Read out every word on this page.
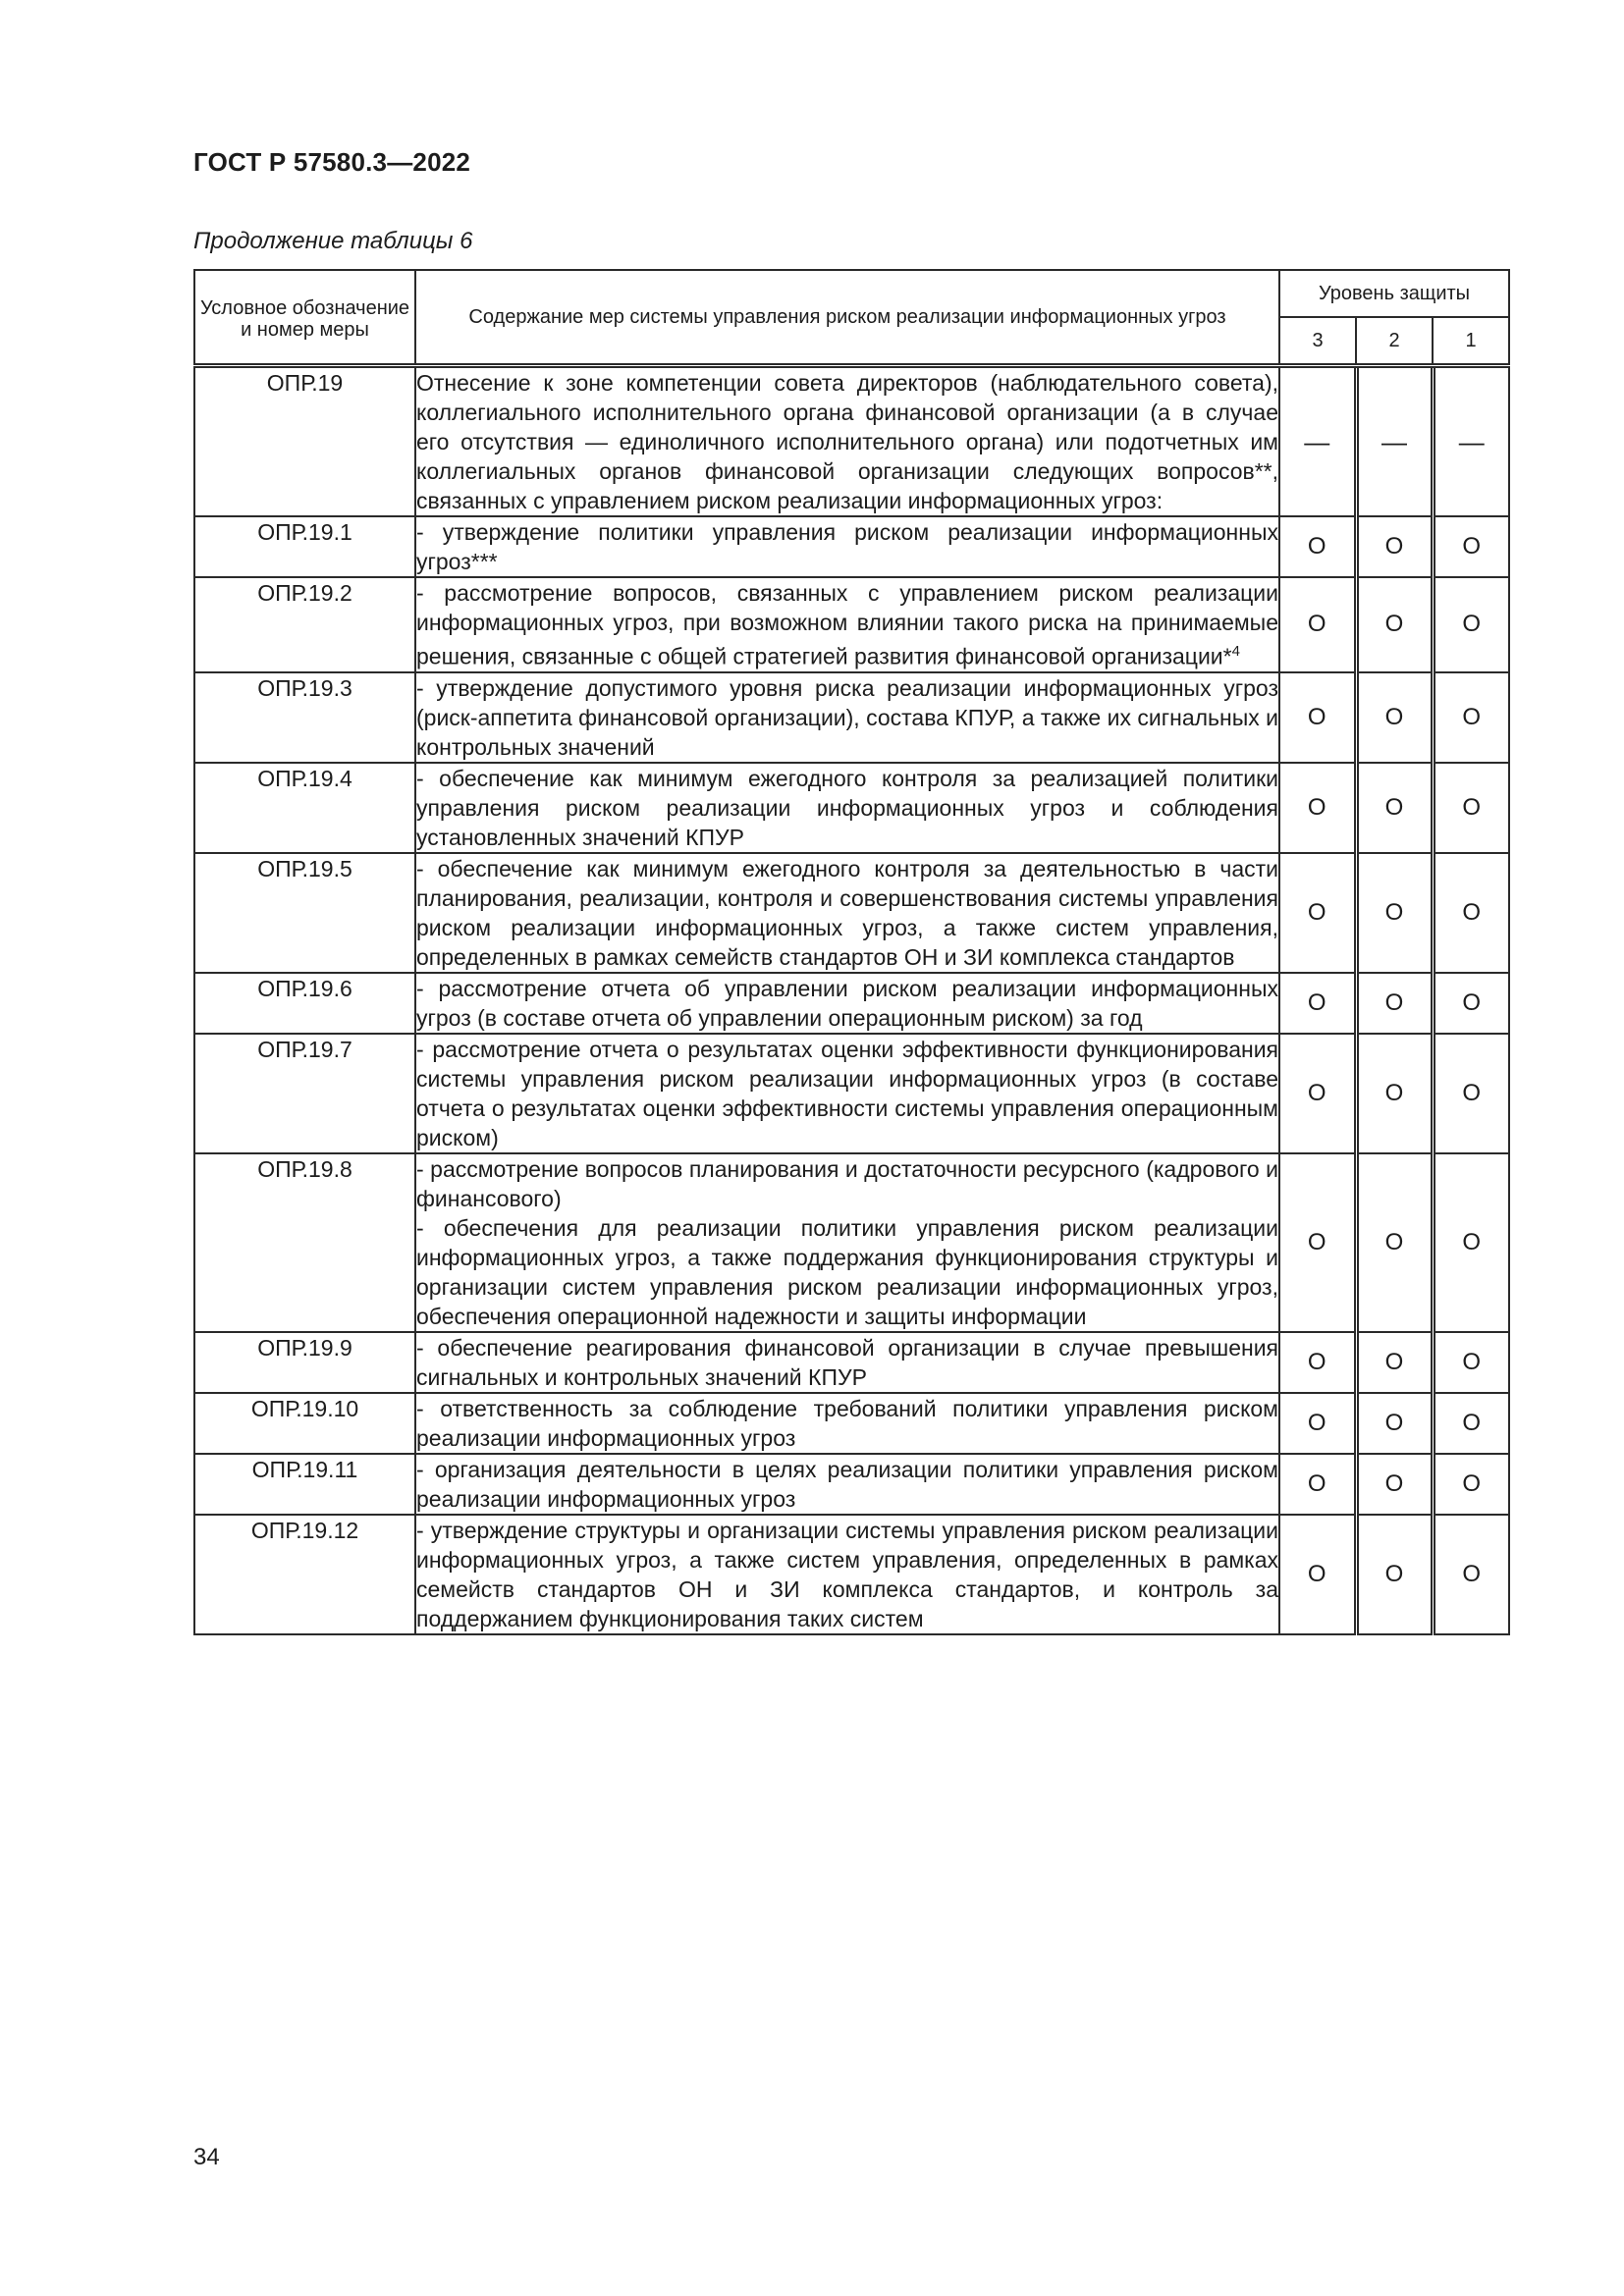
ГОСТ Р 57580.3—2022
Продолжение таблицы 6
Условное обозначение и номер меры	Содержание мер системы управления риском реализации информационных угроз	Уровень защиты		
		3	2	1
ОПР.19	Отнесение к зоне компетенции совета директоров (наблюдательного совета), коллегиального исполнительного органа финансовой организации (а в случае его отсутствия — единоличного исполнительного органа) или подотчетных им коллегиальных органов финансовой организации следующих вопросов**, связанных с управлением риском реализации информационных угроз:	—	—	—
ОПР.19.1	- утверждение политики управления риском реализации информационных угроз***	О	О	О
ОПР.19.2	- рассмотрение вопросов, связанных с управлением риском реализации информационных угроз, при возможном влиянии такого риска на принимаемые решения, связанные с общей стратегией развития финансовой организации*$^4$	О	О	О
ОПР.19.3	- утверждение допустимого уровня риска реализации информационных угроз (риск-аппетита финансовой организации), состава КПУР, а также их сигнальных и контрольных значений	О	О	О
ОПР.19.4	- обеспечение как минимум ежегодного контроля за реализацией политики управления риском реализации информационных угроз и соблюдения установленных значений КПУР	О	О	О
ОПР.19.5	- обеспечение как минимум ежегодного контроля за деятельностью в части планирования, реализации, контроля и совершенствования системы управления риском реализации информационных угроз, а также систем управления, определенных в рамках семейств стандартов ОН и ЗИ комплекса стандартов	О	О	О
ОПР.19.6	- рассмотрение отчета об управлении риском реализации информационных угроз (в составе отчета об управлении операционным риском) за год	О	О	О
ОПР.19.7	- рассмотрение отчета о результатах оценки эффективности функционирования системы управления риском реализации информационных угроз (в составе отчета о результатах оценки эффективности системы управления операционным риском)	О	О	О
ОПР.19.8	- рассмотрение вопросов планирования и достаточности ресурсного (кадрового и финансового)
- обеспечения для реализации политики управления риском реализации информационных угроз, а также поддержания функционирования структуры и организации систем управления риском реализации информационных угроз, обеспечения операционной надежности и защиты информации	О	О	О
ОПР.19.9	- обеспечение реагирования финансовой организации в случае превышения сигнальных и контрольных значений КПУР	О	О	О
ОПР.19.10	- ответственность за соблюдение требований политики управления риском реализации информационных угроз	О	О	О
ОПР.19.11	- организация деятельности в целях реализации политики управления риском реализации информационных угроз	О	О	О
ОПР.19.12	- утверждение структуры и организации системы управления риском реализации информационных угроз, а также систем управления, определенных в рамках семейств стандартов ОН и ЗИ комплекса стандартов, и контроль за поддержанием функционирования таких систем	О	О	О
34
